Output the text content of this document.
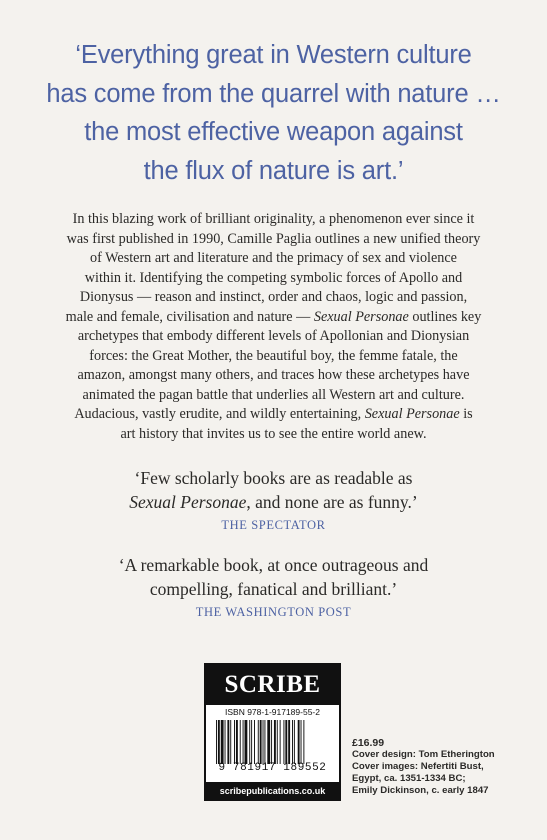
‘Everything great in Western culture
has come from the quarrel with nature …
the most effective weapon against
the flux of nature is art.’
In this blazing work of brilliant originality, a phenomenon ever since it
was first published in 1990, Camille Paglia outlines a new unified theory
of Western art and literature and the primacy of sex and violence
within it. Identifying the competing symbolic forces of Apollo and
Dionysus — reason and instinct, order and chaos, logic and passion,
male and female, civilisation and nature — Sexual Personae outlines key
archetypes that embody different levels of Apollonian and Dionysian
forces: the Great Mother, the beautiful boy, the femme fatale, the
amazon, amongst many others, and traces how these archetypes have
animated the pagan battle that underlies all Western art and culture.
Audacious, vastly erudite, and wildly entertaining, Sexual Personae is
art history that invites us to see the entire world anew.
‘Few scholarly books are as readable as
Sexual Personae, and none are as funny.’
THE SPECTATOR
‘A remarkable book, at once outrageous and
compelling, fanatical and brilliant.’
THE WASHINGTON POST
SCRIBE
ISBN 978-1-917189-55-2
9 781917 189552
scribepublications.co.uk
£16.99
Cover design: Tom Etherington
Cover images: Nefertiti Bust,
Egypt, ca. 1351-1334 BC;
Emily Dickinson, c. early 1847
